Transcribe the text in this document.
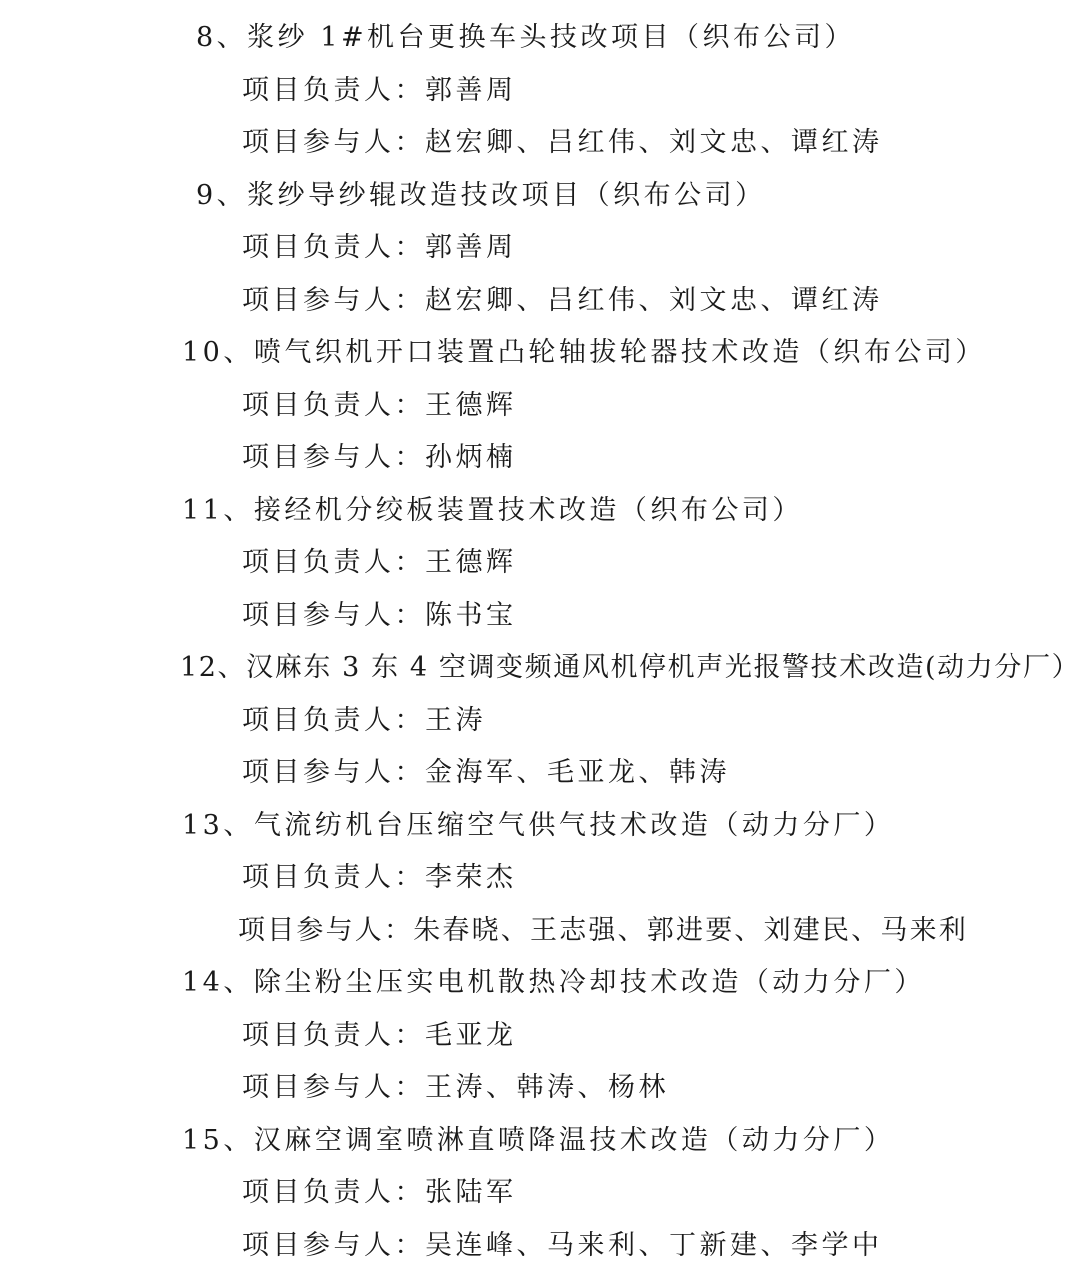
8、浆纱 1#机台更换车头技改项目（织布公司）
项目负责人：郭善周
项目参与人：赵宏卿、吕红伟、刘文忠、谭红涛
9、浆纱导纱辊改造技改项目（织布公司）
项目负责人：郭善周
项目参与人：赵宏卿、吕红伟、刘文忠、谭红涛
10、喷气织机开口装置凸轮轴拔轮器技术改造（织布公司）
项目负责人：王德辉
项目参与人：孙炳楠
11、接经机分绞板装置技术改造（织布公司）
项目负责人：王德辉
项目参与人：陈书宝
12、汉麻东 3 东 4 空调变频通风机停机声光报警技术改造(动力分厂）
项目负责人：王涛
项目参与人：金海军、毛亚龙、韩涛
13、气流纺机台压缩空气供气技术改造（动力分厂）
项目负责人：李荣杰
项目参与人：朱春晓、王志强、郭进要、刘建民、马来利
14、除尘粉尘压实电机散热冷却技术改造（动力分厂）
项目负责人：毛亚龙
项目参与人：王涛、韩涛、杨林
15、汉麻空调室喷淋直喷降温技术改造（动力分厂）
项目负责人：张陆军
项目参与人：吴连峰、马来利、丁新建、李学中
